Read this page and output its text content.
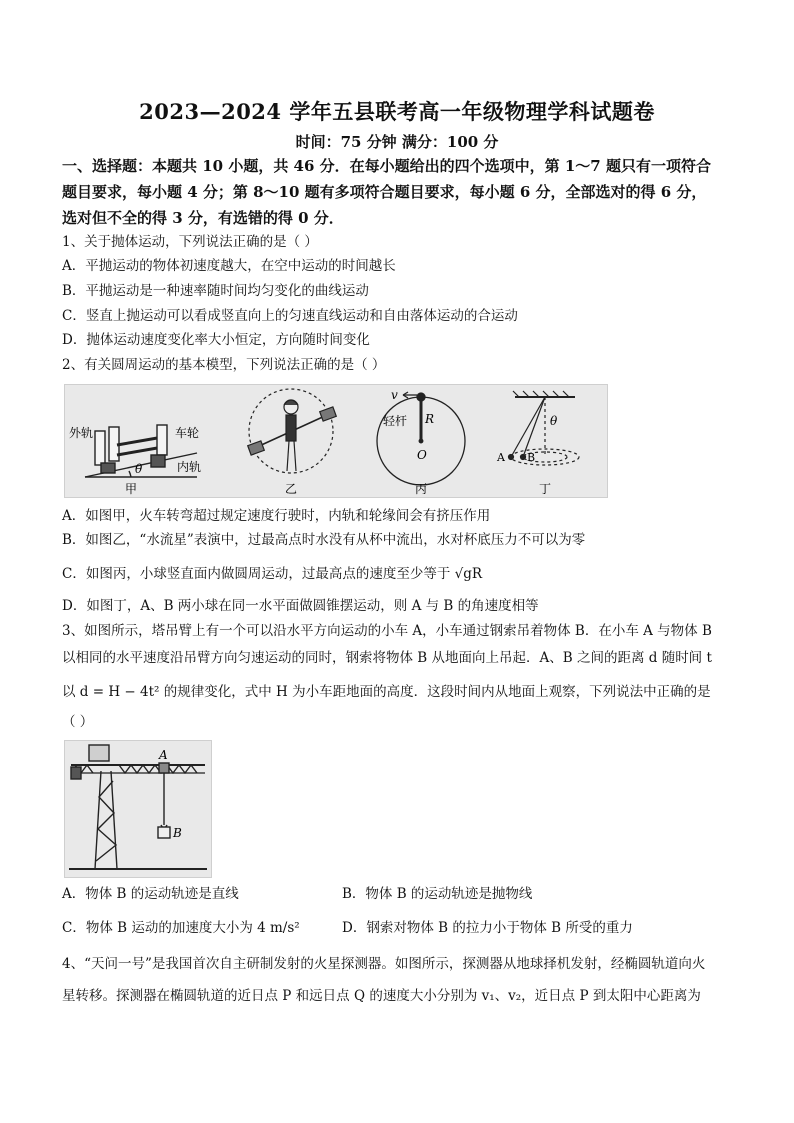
2023—2024 学年五县联考高一年级物理学科试题卷
时间：75 分钟 满分：100 分
一、选择题：本题共 10 小题，共 46 分．在每小题给出的四个选项中，第 1～7 题只有一项符合
题目要求，每小题 4 分；第 8～10 题有多项符合题目要求，每小题 6 分，全部选对的得 6 分，
选对但不全的得 3 分，有选错的得 0 分．
1、关于抛体运动，下列说法正确的是（ ）
A．平抛运动的物体初速度越大，在空中运动的时间越长
B．平抛运动是一种速率随时间均匀变化的曲线运动
C．竖直上抛运动可以看成竖直向上的匀速直线运动和自由落体运动的合运动
D．抛体运动速度变化率大小恒定，方向随时间变化
2、有关圆周运动的基本模型，下列说法正确的是（ ）
外轨	车轮
θ	内轨
甲	乙
v
轻杆 R
O
丙
θ
A B
丁
A．如图甲，火车转弯超过规定速度行驶时，内轨和轮缘间会有挤压作用
B．如图乙，“水流星”表演中，过最高点时水没有从杯中流出，水对杯底压力不可以为零
C．如图丙，小球竖直面内做圆周运动，过最高点的速度至少等于 √gR
D．如图丁，A、B 两小球在同一水平面做圆锥摆运动，则 A 与 B 的角速度相等
3、如图所示，塔吊臂上有一个可以沿水平方向运动的小车 A，小车通过钢索吊着物体 B．在小车 A 与物体 B
以相同的水平速度沿吊臂方向匀速运动的同时，钢索将物体 B 从地面向上吊起．A、B 之间的距离 d 随时间 t
以 d = H − 4t² 的规律变化，式中 H 为小车距地面的高度．这段时间内从地面上观察，下列说法中正确的是
（ ）
A
B
A．物体 B 的运动轨迹是直线	B．物体 B 的运动轨迹是抛物线
C．物体 B 运动的加速度大小为 4 m/s²	D．钢索对物体 B 的拉力小于物体 B 所受的重力
4、“天问一号”是我国首次自主研制发射的火星探测器。如图所示，探测器从地球择机发射，经椭圆轨道向火
星转移。探测器在椭圆轨道的近日点 P 和远日点 Q 的速度大小分别为 v₁、v₂，近日点 P 到太阳中心距离为
